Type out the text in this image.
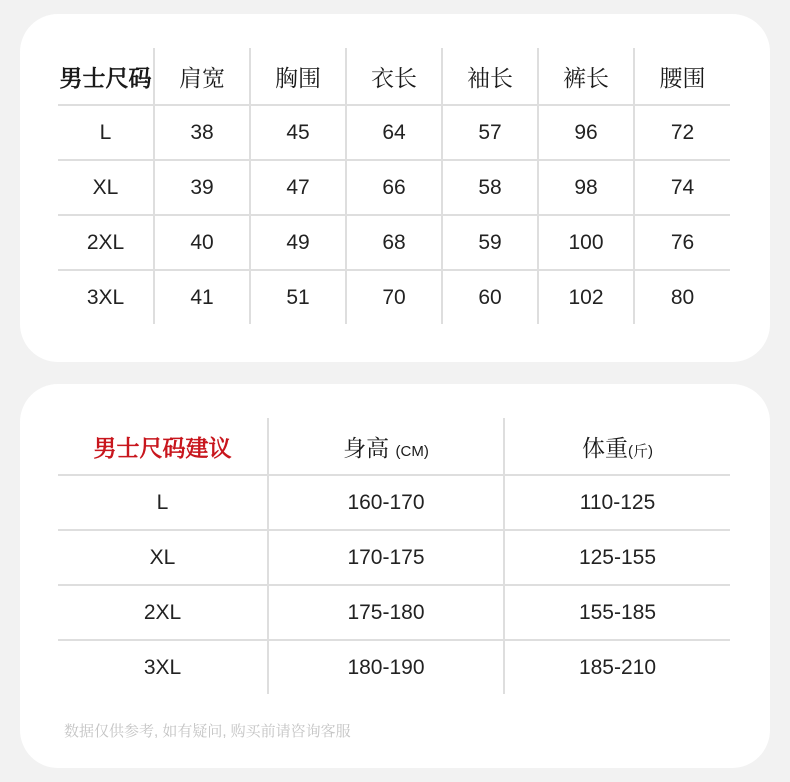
男士尺码	肩宽	胸围	衣长	袖长	裤长	腰围
L	38	45	64	57	96	72
XL	39	47	66	58	98	74
2XL	40	49	68	59	100	76
3XL	41	51	70	60	102	80
男士尺码建议	身高 (CM)	体重(斤)
L	160-170	110-125
XL	170-175	125-155
2XL	175-180	155-185
3XL	180-190	185-210
数据仅供参考, 如有疑问, 购买前请咨询客服
